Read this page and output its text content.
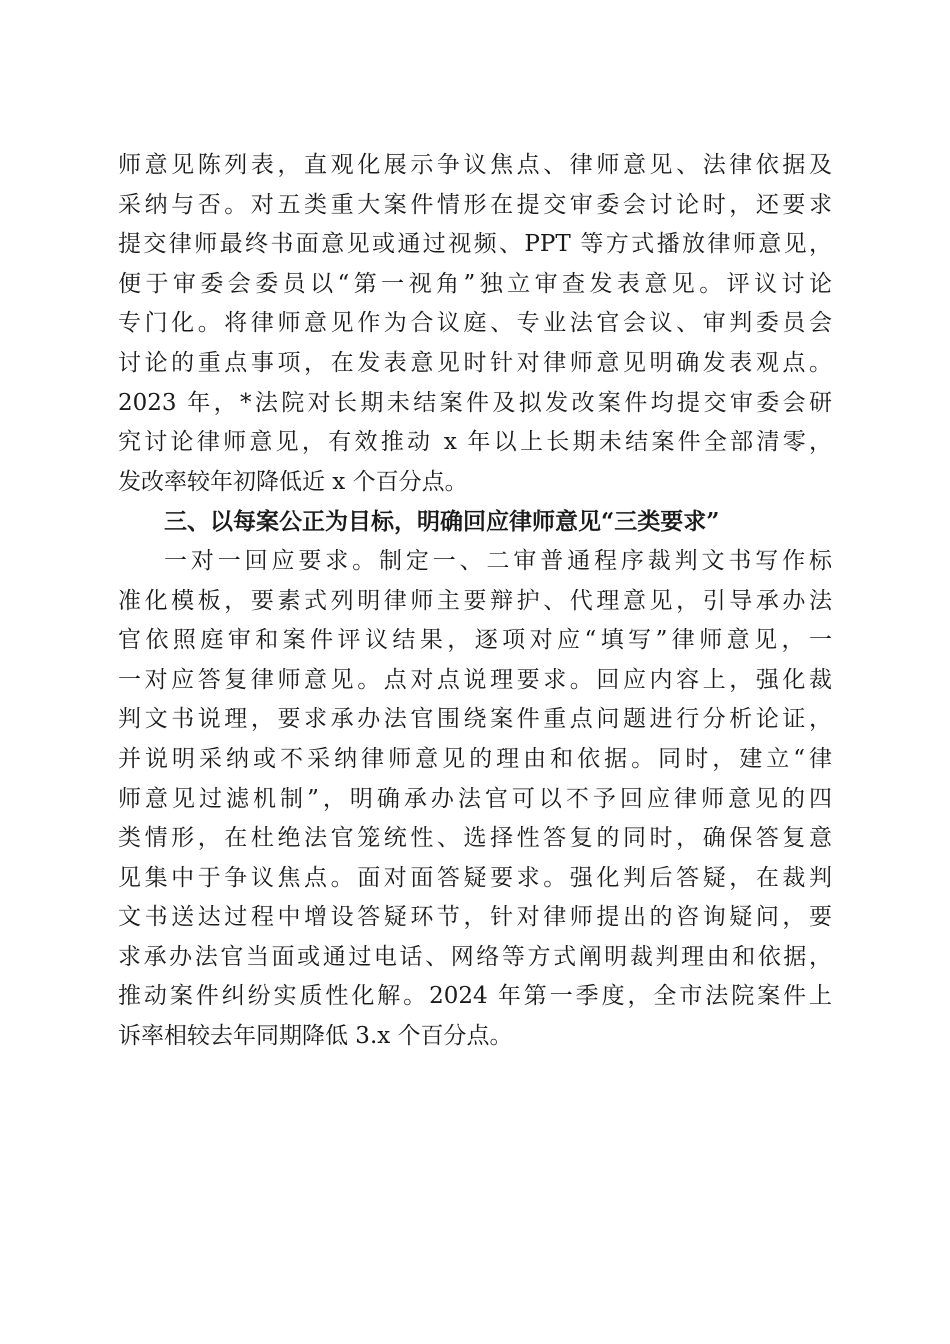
师意见陈列表，直观化展示争议焦点、律师意见、法律依据及
采纳与否。对五类重大案件情形在提交审委会讨论时，还要求
提交律师最终书面意见或通过视频、PPT 等方式播放律师意见，
便于审委会委员以“第一视角”独立审查发表意见。评议讨论
专门化。将律师意见作为合议庭、专业法官会议、审判委员会
讨论的重点事项，在发表意见时针对律师意见明确发表观点。
2023 年，*法院对长期未结案件及拟发改案件均提交审委会研
究讨论律师意见，有效推动 x 年以上长期未结案件全部清零，
发改率较年初降低近 x 个百分点。
三、以每案公正为目标，明确回应律师意见“三类要求”
一对一回应要求。制定一、二审普通程序裁判文书写作标
准化模板，要素式列明律师主要辩护、代理意见，引导承办法
官依照庭审和案件评议结果，逐项对应“填写”律师意见，一
一对应答复律师意见。点对点说理要求。回应内容上，强化裁
判文书说理，要求承办法官围绕案件重点问题进行分析论证，
并说明采纳或不采纳律师意见的理由和依据。同时，建立“律
师意见过滤机制”，明确承办法官可以不予回应律师意见的四
类情形，在杜绝法官笼统性、选择性答复的同时，确保答复意
见集中于争议焦点。面对面答疑要求。强化判后答疑，在裁判
文书送达过程中增设答疑环节，针对律师提出的咨询疑问，要
求承办法官当面或通过电话、网络等方式阐明裁判理由和依据，
推动案件纠纷实质性化解。2024 年第一季度，全市法院案件上
诉率相较去年同期降低 3.x 个百分点。
